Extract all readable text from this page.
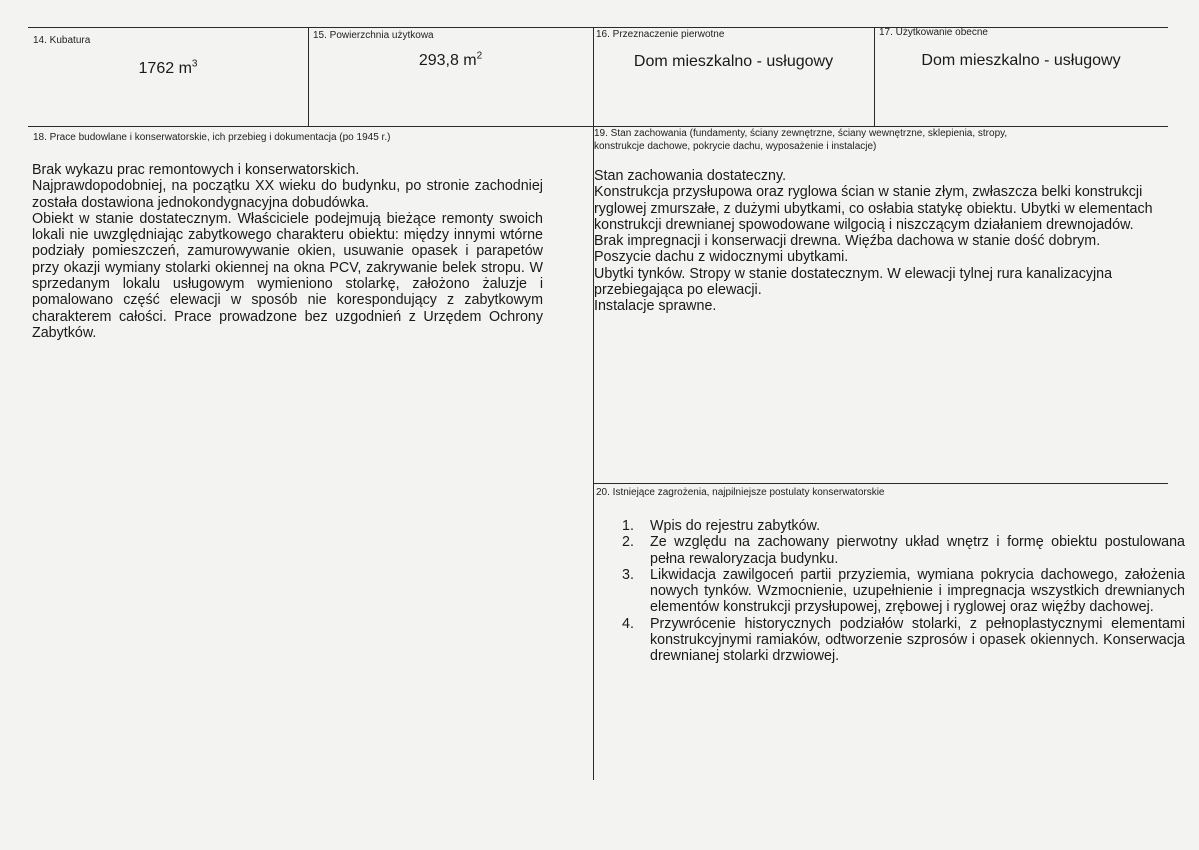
14. Kubatura
1762 $m^3$
15. Powierzchnia użytkowa
293,8 $m^2$
16. Przeznaczenie pierwotne
Dom mieszkalno - usługowy
17. Użytkowanie obecne
Dom mieszkalno - usługowy
18. Prace budowlane i konserwatorskie, ich przebieg i dokumentacja (po 1945 r.)

Brak wykazu prac remontowych i konserwatorskich.

Najprawdopodobniej, na początku XX wieku do budynku, po stronie zachodniej została dostawiona jednokondygnacyjna dobudówka.

Obiekt w stanie dostatecznym. Właściciele podejmują bieżące remonty swoich lokali nie uwzględniając zabytkowego charakteru obiektu: między innymi wtórne podziały pomieszczeń, zamurowywanie okien, usuwanie opasek i parapetów przy okazji wymiany stolarki okiennej na okna PCV, zakrywanie belek stropu. W sprzedanym lokalu usługowym wymieniono stolarkę, założono żaluzje i pomalowano część elewacji w sposób nie korespondujący z zabytkowym charakterem całości. Prace prowadzone bez uzgodnień z Urzędem Ochrony Zabytków.

19. Stan zachowania (fundamenty, ściany zewnętrzne, ściany wewnętrzne, sklepienia, stropy,
konstrukcje dachowe, pokrycie dachu, wyposażenie i instalacje)

Stan zachowania dostateczny.

Konstrukcja przysłupowa oraz ryglowa ścian w stanie złym, zwłaszcza belki konstrukcji ryglowej zmurszałe, z dużymi ubytkami, co osłabia statykę obiektu. Ubytki w elementach konstrukcji drewnianej spowodowane wilgocią i niszczącym działaniem drewnojadów. Brak impregnacji i konserwacji drewna. Więźba dachowa w stanie dość dobrym. Poszycie dachu z widocznymi ubytkami.

Ubytki tynków. Stropy w stanie dostatecznym. W elewacji tylnej rura kanalizacyjna przebiegająca po elewacji.

Instalacje sprawne.

20. Istniejące zagrożenia, najpilniejsze postulaty konserwatorskie
1. Wpis do rejestru zabytków.
2. Ze względu na zachowany pierwotny układ wnętrz i formę obiektu postulowana pełna rewaloryzacja budynku.
3. Likwidacja zawilgoceń partii przyziemia, wymiana pokrycia dachowego, założenia nowych tynków. Wzmocnienie, uzupełnienie i impregnacja wszystkich drewnianych elementów konstrukcji przysłupowej, zrębowej i ryglowej oraz więźby dachowej.
4. Przywrócenie historycznych podziałów stolarki, z pełnoplastycznymi elementami konstrukcyjnymi ramiaków, odtworzenie szprosów i opasek okiennych. Konserwacja drewnianej stolarki drzwiowej.
